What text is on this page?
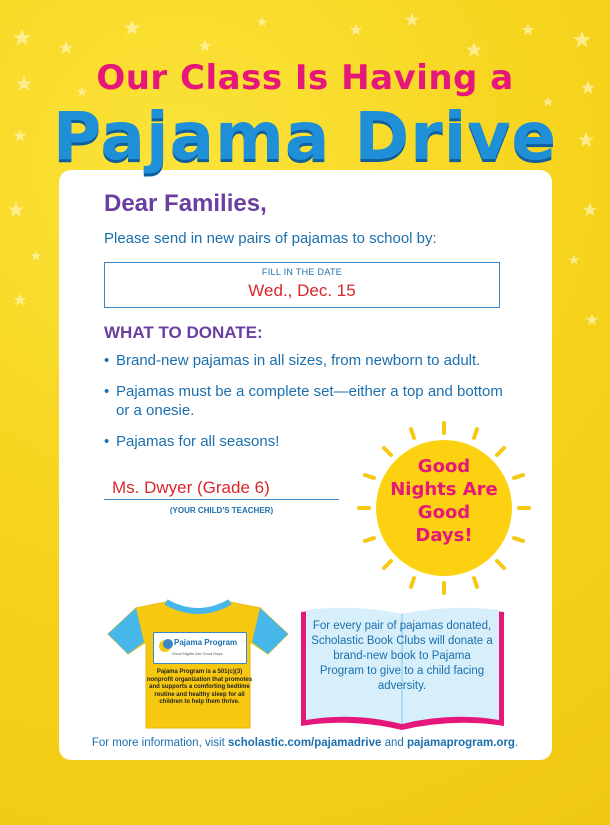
Our Class Is Having a
Pajama Drive
Dear Families,
Please send in new pairs of pajamas to school by:
FILL IN THE DATE
Wed., Dec. 15
WHAT TO DONATE:
• Brand-new pajamas in all sizes, from newborn to adult.
• Pajamas must be a complete set—either a top and bottom or a onesie.
• Pajamas for all seasons!
Ms. Dwyer (Grade 6)
(YOUR CHILD'S TEACHER)
Good
Nights Are
Good
Days!
Pajama Program
Good Nights Are Good Days
Pajama Program is a 501(c)(3) nonprofit organization that promotes and supports a comforting bedtime routine and healthy sleep for all children to help them thrive.
For every pair of pajamas donated, Scholastic Book Clubs will donate a brand-new book to Pajama Program to give to a child facing adversity.
For more information, visit scholastic.com/pajamadrive and pajamaprogram.org.
